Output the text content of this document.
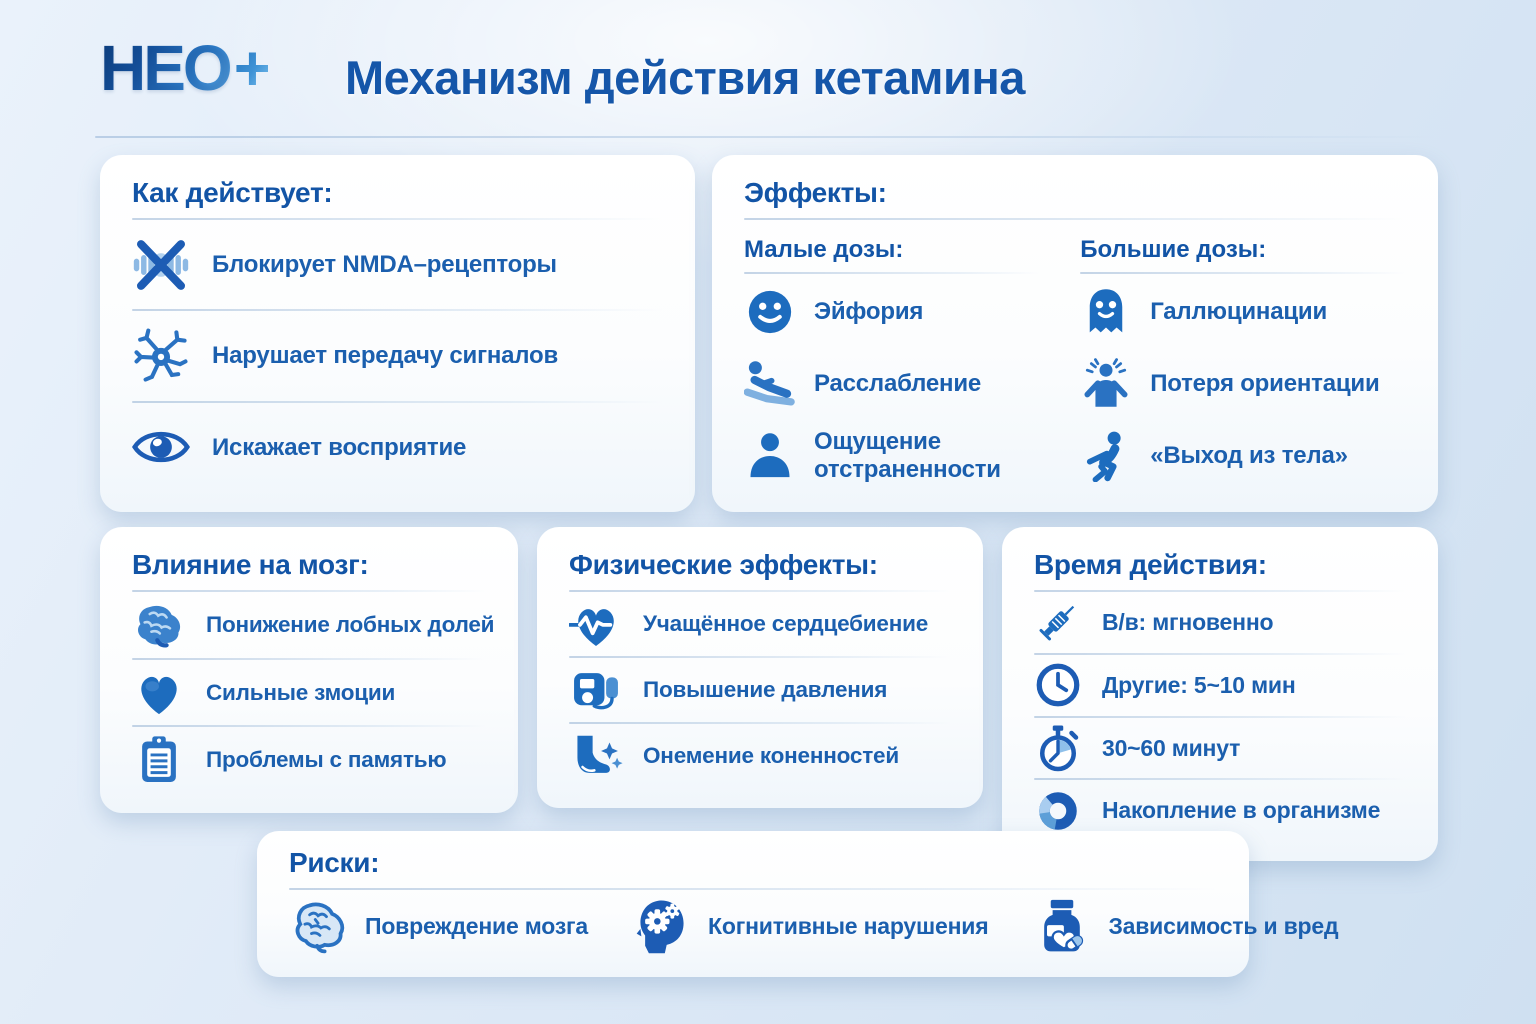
НЕО + Механизм действия кетамина
Как действует:
Блокирует NMDA–рецепторы
Нарушает передачу сигналов
Искажает восприятие
Эффекты:
Малые дозы:
Эйфория
Расслабление
Ощущение отстраненности
Большие дозы:
Галлюцинации
Потеря ориентации
«Выход из тела»
Влияние на мозг:
Понижение лобных долей
Сильные змоции
Проблемы с памятью
Физические эффекты:
Учащённое сердцебиение
Повышение давления
Онемение коненностей
Время действия:
В/в: мгновенно
Другие: 5~10 мин
30~60 минут
Накопление в организме
Риски:
Повреждение мозга	Когнитивные нарушения	Зависимость и вред
